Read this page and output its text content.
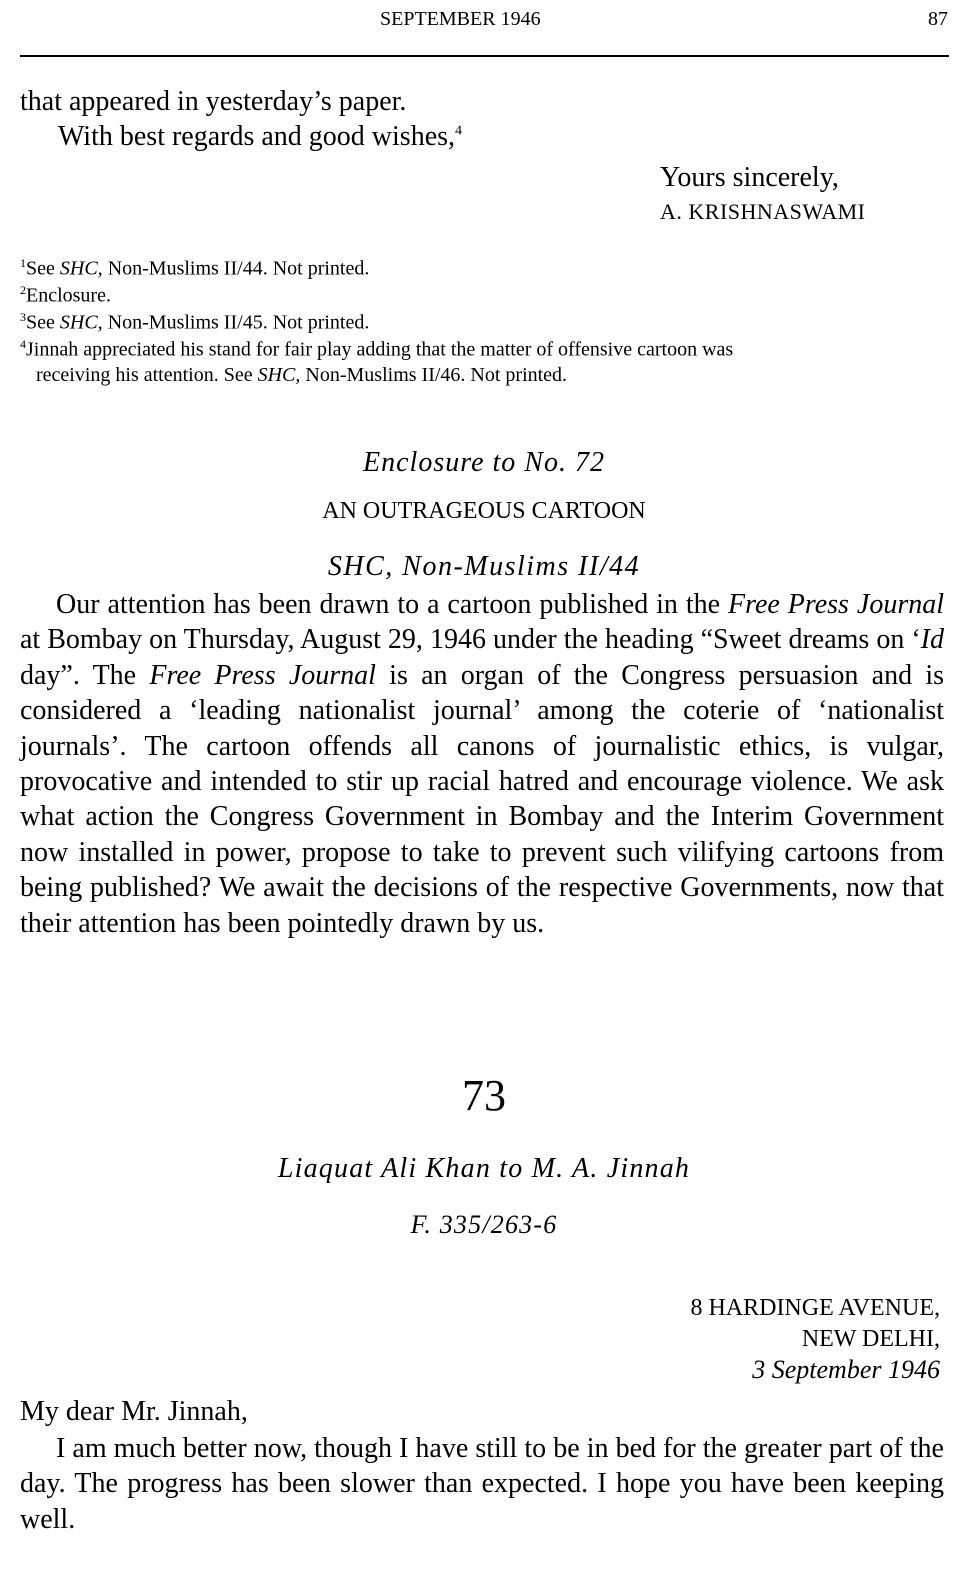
SEPTEMBER 1946	87
that appeared in yesterday’s paper.
With best regards and good wishes,$^4$
Yours sincerely,
A. KRISHNASWAMI
$^1$See SHC, Non-Muslims II/44. Not printed.
$^2$Enclosure.
$^3$See SHC, Non-Muslims II/45. Not printed.
$^4$Jinnah appreciated his stand for fair play adding that the matter of offensive cartoon was
receiving his attention. See SHC, Non-Muslims II/46. Not printed.
Enclosure to No. 72
AN OUTRAGEOUS CARTOON
SHC, Non-Muslims II/44

Our attention has been drawn to a cartoon published in the Free Press Journal at Bombay on Thursday, August 29, 1946 under the heading “Sweet dreams on ‘Id day”. The Free Press Journal is an organ of the Congress persuasion and is considered a ‘leading nationalist journal’ among the coterie of ‘nationalist journals’. The cartoon offends all canons of journalistic ethics, is vulgar, provocative and intended to stir up racial hatred and encourage violence. We ask what action the Congress Government in Bombay and the Interim Government now installed in power, propose to take to prevent such vilifying cartoons from being published? We await the decisions of the respective Governments, now that their attention has been pointedly drawn by us.

73
Liaquat Ali Khan to M. A. Jinnah
F. 335/263-6
8 HARDINGE AVENUE,
NEW DELHI,
3 September 1946
My dear Mr. Jinnah,

I am much better now, though I have still to be in bed for the greater part of the day. The progress has been slower than expected. I hope you have been keeping well.
